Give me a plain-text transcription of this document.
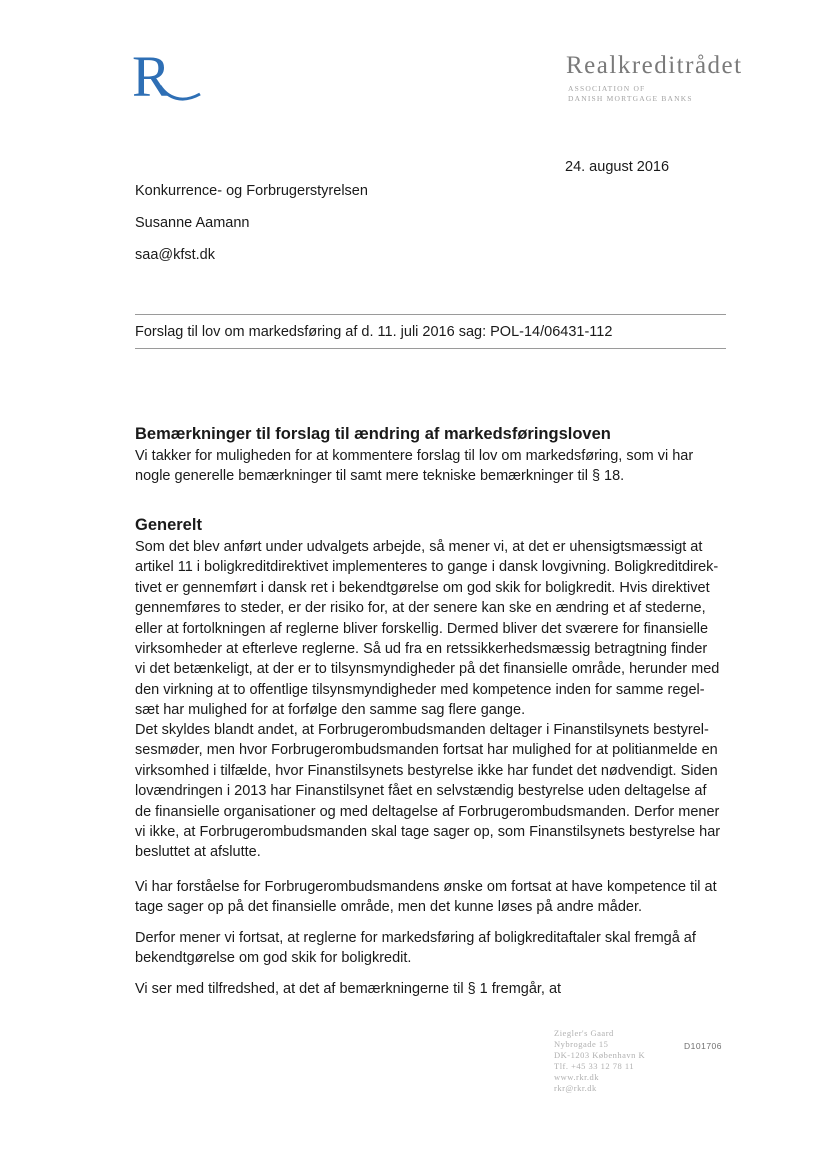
R	Realkreditrådet
ASSOCIATION OF
DANISH MORTGAGE BANKS
24. august 2016
Konkurrence- og Forbrugerstyrelsen
Susanne Aamann
saa@kfst.dk
Forslag til lov om markedsføring af d. 11. juli 2016 sag: POL-14/06431-112
Bemærkninger til forslag til ændring af markedsføringsloven
Vi takker for muligheden for at kommentere forslag til lov om markedsføring, som vi har
nogle generelle bemærkninger til samt mere tekniske bemærkninger til § 18.
Generelt
Som det blev anført under udvalgets arbejde, så mener vi, at det er uhensigtsmæssigt at
artikel 11 i boligkreditdirektivet implementeres to gange i dansk lovgivning. Boligkreditdirek-
tivet er gennemført i dansk ret i bekendtgørelse om god skik for boligkredit. Hvis direktivet
gennemføres to steder, er der risiko for, at der senere kan ske en ændring et af stederne,
eller at fortolkningen af reglerne bliver forskellig. Dermed bliver det sværere for finansielle
virksomheder at efterleve reglerne. Så ud fra en retssikkerhedsmæssig betragtning finder
vi det betænkeligt, at der er to tilsynsmyndigheder på det finansielle område, herunder med
den virkning at to offentlige tilsynsmyndigheder med kompetence inden for samme regel-
sæt har mulighed for at forfølge den samme sag flere gange.
Det skyldes blandt andet, at Forbrugerombudsmanden deltager i Finanstilsynets bestyrel-
sesmøder, men hvor Forbrugerombudsmanden fortsat har mulighed for at politianmelde en
virksomhed i tilfælde, hvor Finanstilsynets bestyrelse ikke har fundet det nødvendigt. Siden
lovændringen i 2013 har Finanstilsynet fået en selvstændig bestyrelse uden deltagelse af
de finansielle organisationer og med deltagelse af Forbrugerombudsmanden. Derfor mener
vi ikke, at Forbrugerombudsmanden skal tage sager op, som Finanstilsynets bestyrelse har
besluttet at afslutte.
Vi har forståelse for Forbrugerombudsmandens ønske om fortsat at have kompetence til at
tage sager op på det finansielle område, men det kunne løses på andre måder.
Derfor mener vi fortsat, at reglerne for markedsføring af boligkreditaftaler skal fremgå af
bekendtgørelse om god skik for boligkredit.
Vi ser med tilfredshed, at det af bemærkningerne til § 1 fremgår, at
Ziegler's Gaard
Nybrogade 15
DK-1203 København K
Tlf. +45 33 12 78 11
www.rkr.dk
rkr@rkr.dk
D101706
